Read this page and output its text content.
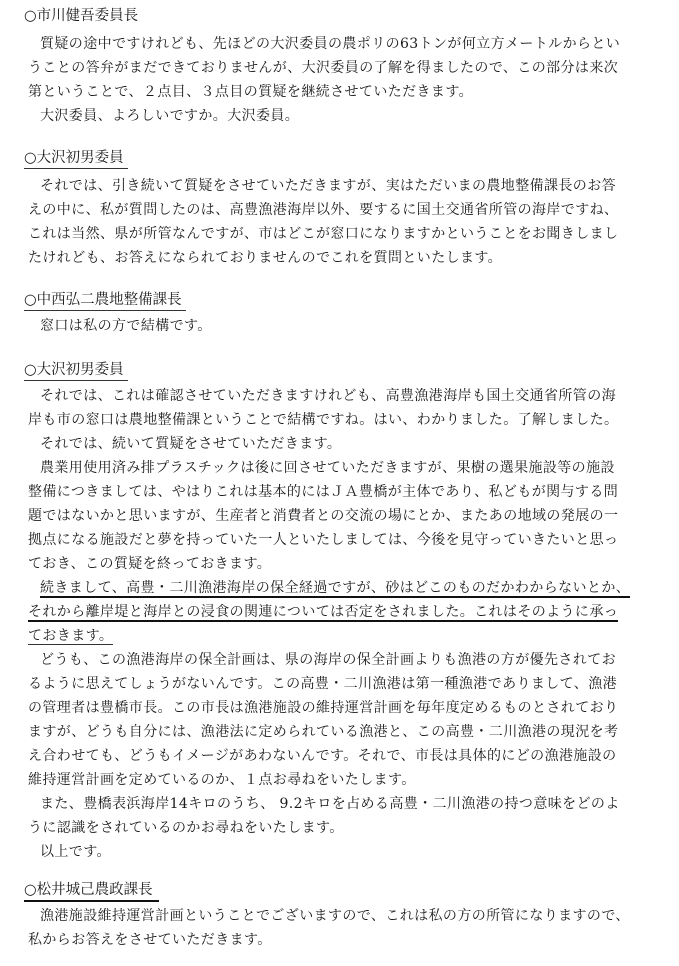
○市川健吾委員長
質疑の途中ですけれども、先ほどの大沢委員の農ポリの63トンが何立方メートルからとい
うことの答弁がまだできておりませんが、大沢委員の了解を得ましたので、この部分は来次
第ということで、２点目、３点目の質疑を継続させていただきます。
大沢委員、よろしいですか。大沢委員。
○大沢初男委員
それでは、引き続いて質疑をさせていただきますが、実はただいまの農地整備課長のお答
えの中に、私が質問したのは、高豊漁港海岸以外、要するに国土交通省所管の海岸ですね、
これは当然、県が所管なんですが、市はどこが窓口になりますかということをお聞きしまし
たけれども、お答えになられておりませんのでこれを質問といたします。
○中西弘二農地整備課長
窓口は私の方で結構です。
○大沢初男委員
それでは、これは確認させていただきますけれども、高豊漁港海岸も国土交通省所管の海
岸も市の窓口は農地整備課ということで結構ですね。はい、わかりました。了解しました。
それでは、続いて質疑をさせていただきます。
農業用使用済み排プラスチックは後に回させていただきますが、果樹の選果施設等の施設
整備につきましては、やはりこれは基本的にはＪＡ豊橋が主体であり、私どもが関与する問
題ではないかと思いますが、生産者と消費者との交流の場にとか、またあの地域の発展の一
拠点になる施設だと夢を持っていた一人といたしましては、今後を見守っていきたいと思っ
ておき、この質疑を終っておきます。
続きまして、高豊・二川漁港海岸の保全経過ですが、砂はどこのものだかわからないとか、
それから離岸堤と海岸との浸食の関連については否定をされました。これはそのように承っ
ておきます。
どうも、この漁港海岸の保全計画は、県の海岸の保全計画よりも漁港の方が優先されてお
るように思えてしょうがないんです。この高豊・二川漁港は第一種漁港でありまして、漁港
の管理者は豊橋市長。この市長は漁港施設の維持運営計画を毎年度定めるものとされており
ますが、どうも自分には、漁港法に定められている漁港と、この高豊・二川漁港の現況を考
え合わせても、どうもイメージがあわないんです。それで、市長は具体的にどの漁港施設の
維持運営計画を定めているのか、１点お尋ねをいたします。
また、豊橋表浜海岸14キロのうち、 9.2キロを占める高豊・二川漁港の持つ意味をどのよ
うに認識をされているのかお尋ねをいたします。
以上です。
○松井城己農政課長
漁港施設維持運営計画ということでございますので、これは私の方の所管になりますので、
私からお答えをさせていただきます。
